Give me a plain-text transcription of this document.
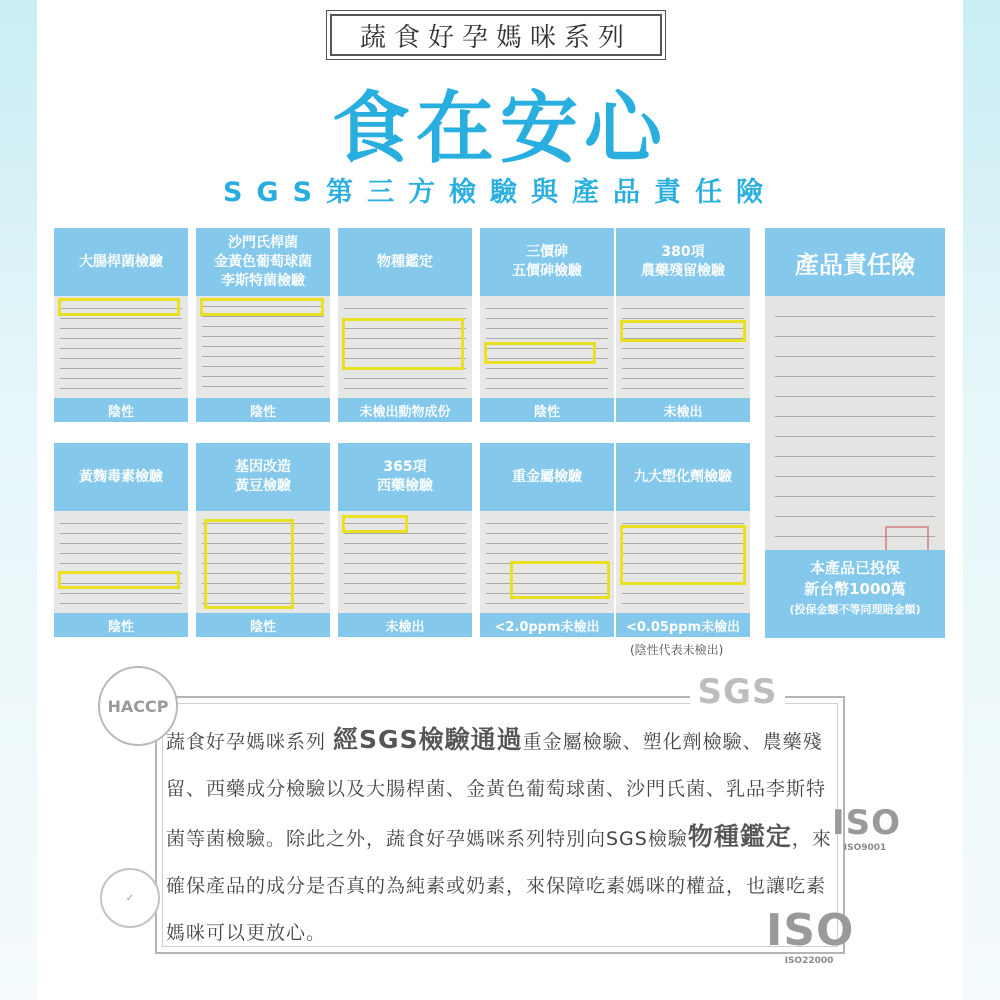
蔬食好孕媽咪系列
食在安心
SGS第三方檢驗與產品責任險
大腸桿菌檢驗
陰性
沙門氏桿菌
金黃色葡萄球菌
李斯特菌檢驗
陰性
物種鑑定
未檢出動物成份
三價砷
五價砷檢驗
陰性
380項
農藥殘留檢驗
未檢出
黃麴毒素檢驗
陰性
基因改造
黃豆檢驗
陰性
365項
西藥檢驗
未檢出
重金屬檢驗
<2.0ppm未檢出
九大塑化劑檢驗
<0.05ppm未檢出
產品責任險
本產品已投保
新台幣1000萬
(投保金額不等同理賠金額)
(陰性代表未檢出)
SGS
蔬食好孕媽咪系列 經SGS檢驗通過重金屬檢驗、塑化劑檢驗、農藥殘留、西藥成分檢驗以及大腸桿菌、金黃色葡萄球菌、沙門氏菌、乳品李斯特菌等菌檢驗。除此之外，蔬食好孕媽咪系列特別向SGS檢驗物種鑑定，來確保產品的成分是否真的為純素或奶素，來保障吃素媽咪的權益，也讓吃素媽咪可以更放心。
HACCP
✓
ISO
ISO9001
ISO
ISO22000
